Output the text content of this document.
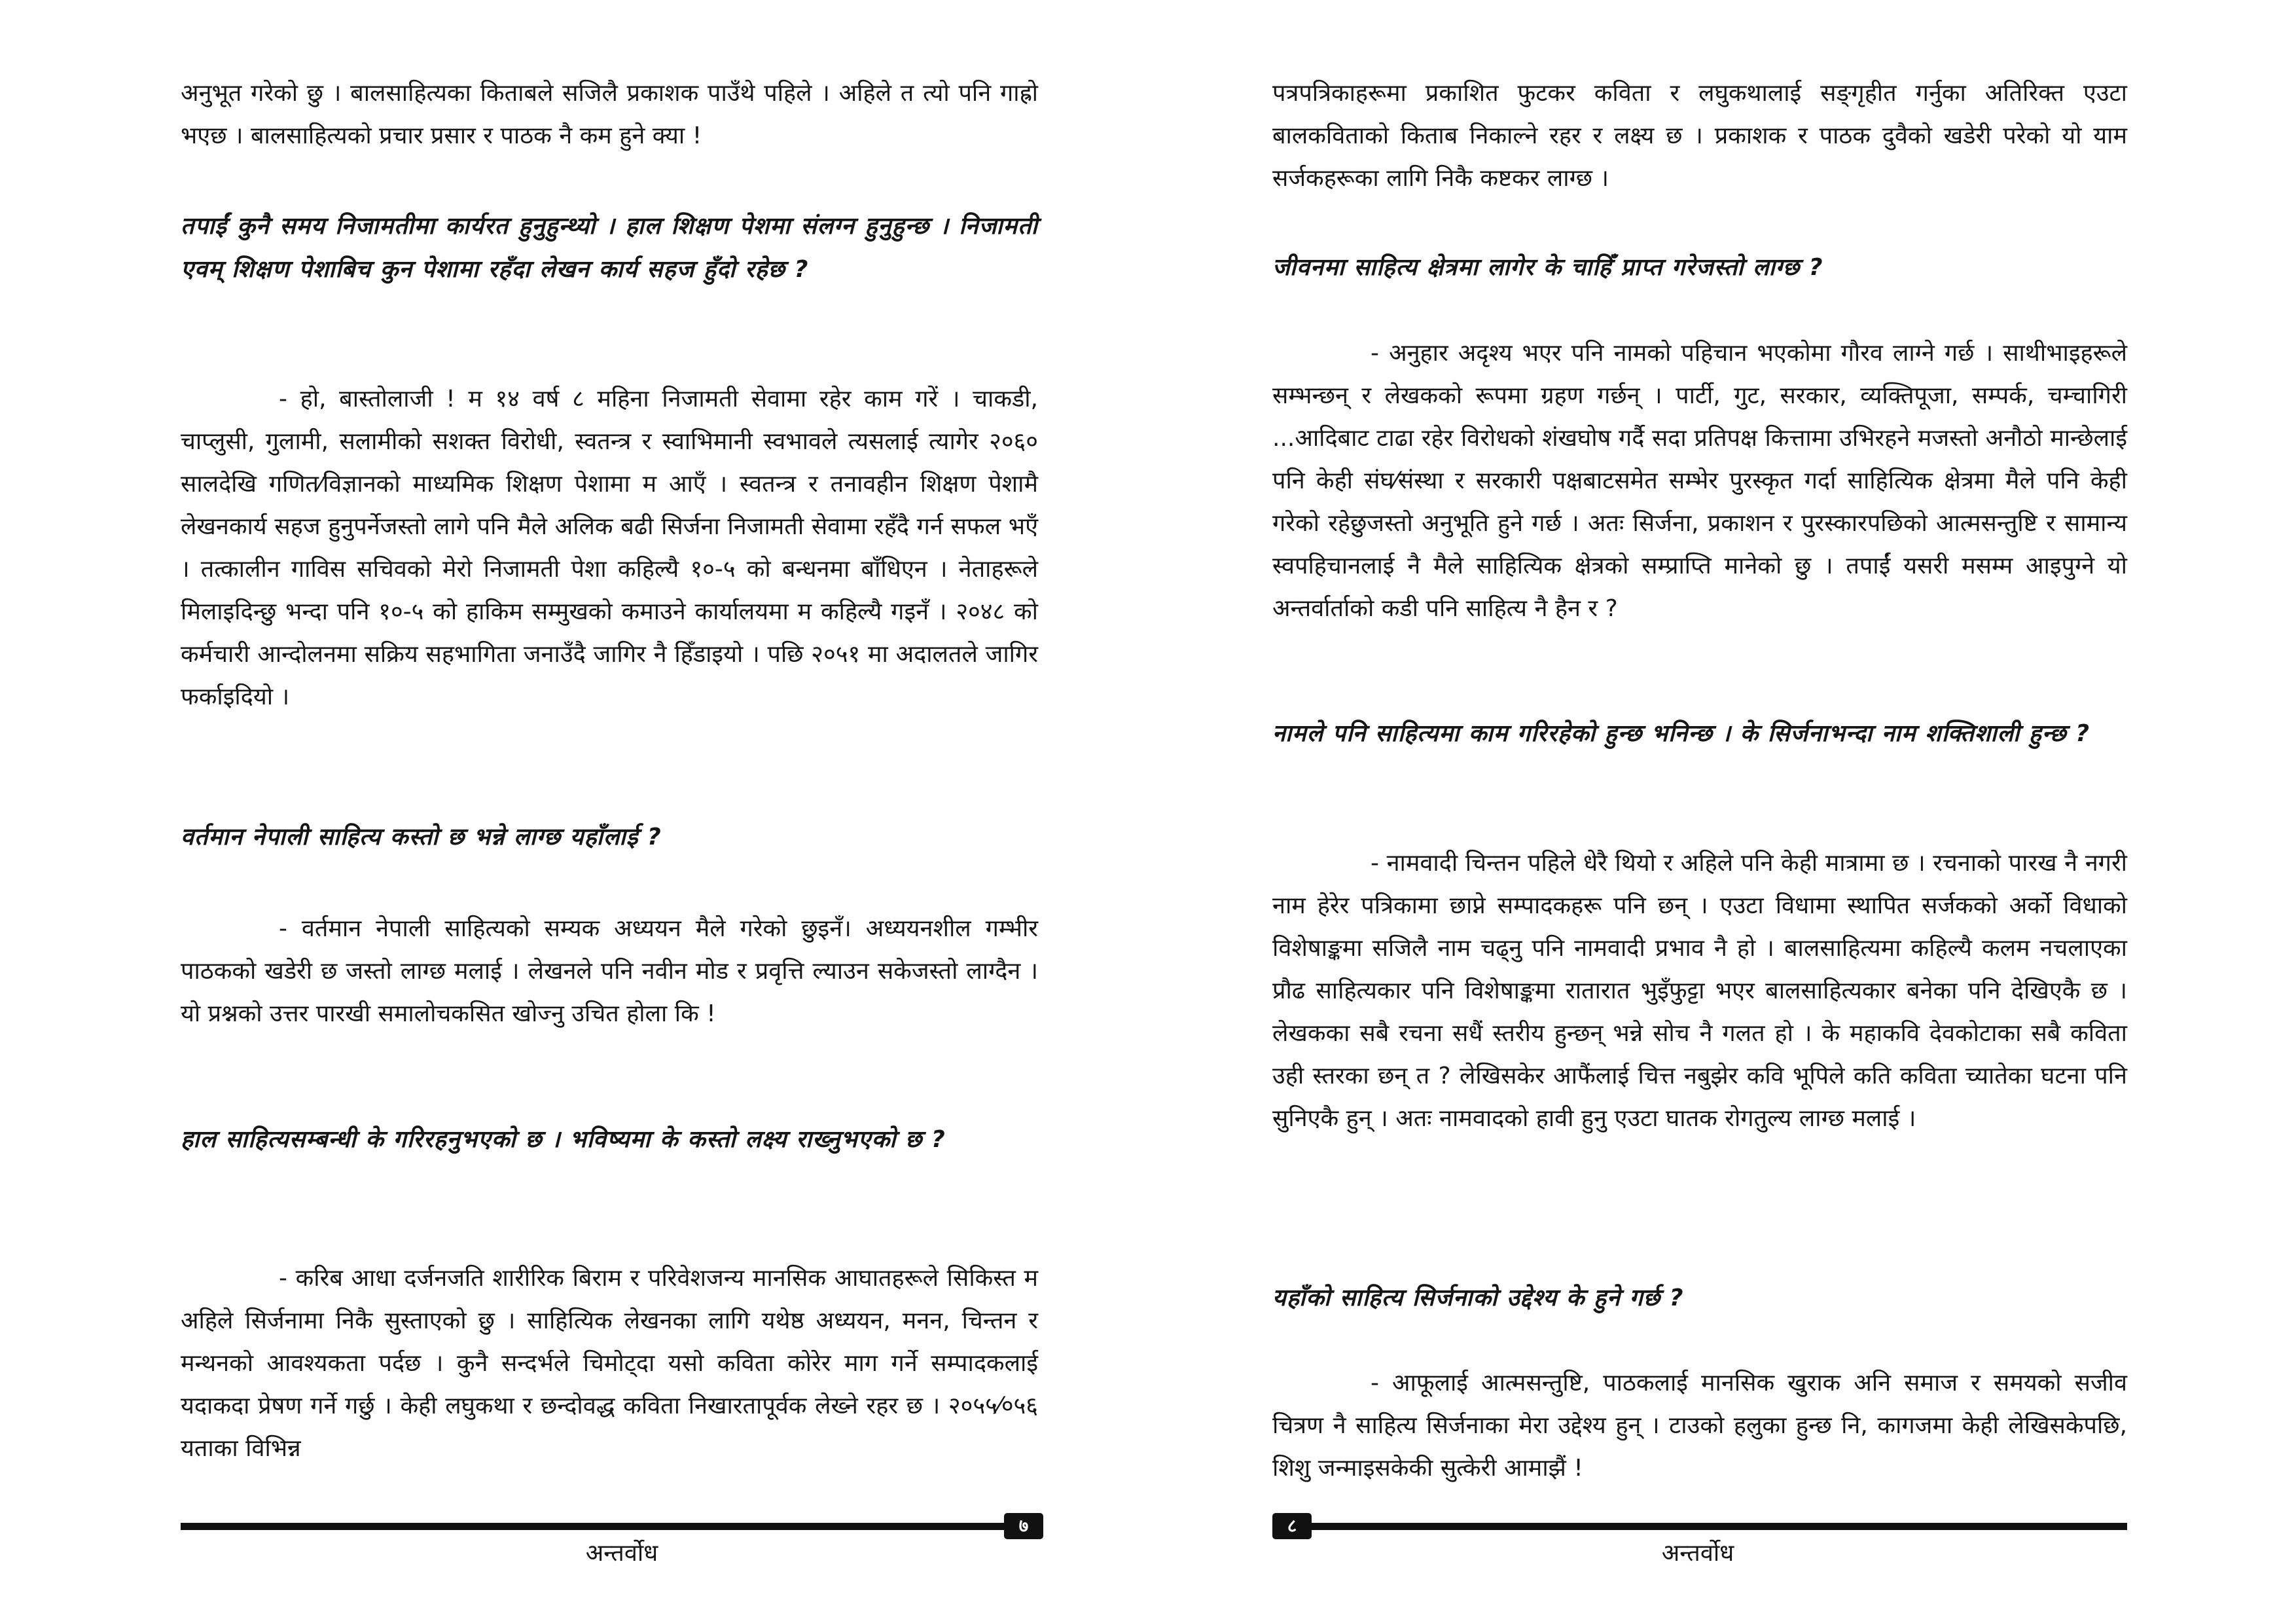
अनुभूत गरेको छु । बालसाहित्यका किताबले सजिलै प्रकाशक पाउँथे पहिले । अहिले त त्यो पनि गाह्रो भएछ । बालसाहित्यको प्रचार प्रसार र पाठक नै कम हुने क्या !

तपाईं कुनै समय निजामतीमा कार्यरत हुनुहुन्थ्यो । हाल शिक्षण पेशमा संलग्न हुनुहुन्छ । निजामती एवम् शिक्षण पेशाबिच कुन पेशामा रहँदा लेखन कार्य सहज हुँदो रहेछ ?

- हो, बास्तोलाजी ! म १४ वर्ष ८ महिना निजामती सेवामा रहेर काम गरें । चाकडी, चाप्लुसी, गुलामी, सलामीको सशक्त विरोधी, स्वतन्त्र र स्वाभिमानी स्वभावले त्यसलाई त्यागेर २०६० सालदेखि गणित⁄विज्ञानको माध्यमिक शिक्षण पेशामा म आएँ । स्वतन्त्र र तनावहीन शिक्षण पेशामै लेखनकार्य सहज हुनुपर्नेजस्तो लागे पनि मैले अलिक बढी सिर्जना निजामती सेवामा रहँदै गर्न सफल भएँ । तत्कालीन गाविस सचिवको मेरो निजामती पेशा कहिल्यै १०-५ को बन्धनमा बाँधिएन । नेताहरूले मिलाइदिन्छु भन्दा पनि १०-५ को हाकिम सम्मुखको कमाउने कार्यालयमा म कहिल्यै गइनँ । २०४८ को कर्मचारी आन्दोलनमा सक्रिय सहभागिता जनाउँदै जागिर नै हिँडाइयो । पछि २०५१ मा अदालतले जागिर फर्काइदियो ।

वर्तमान नेपाली साहित्य कस्तो छ भन्ने लाग्छ यहाँलाई ?

- वर्तमान नेपाली साहित्यको सम्यक अध्ययन मैले गरेको छुइनँ। अध्ययनशील गम्भीर पाठकको खडेरी छ जस्तो लाग्छ मलाई । लेखनले पनि नवीन मोड र प्रवृत्ति ल्याउन सकेजस्तो लाग्दैन । यो प्रश्नको उत्तर पारखी समालोचकसित खोज्नु उचित होला कि !

हाल साहित्यसम्बन्धी के गरिरहनुभएको छ । भविष्यमा के कस्तो लक्ष्य राख्नुभएको छ ?

- करिब आधा दर्जनजति शारीरिक बिराम र परिवेशजन्य मानसिक आघातहरूले सिकिस्त म अहिले सिर्जनामा निकै सुस्ताएको छु । साहित्यिक लेखनका लागि यथेष्ठ अध्ययन, मनन, चिन्तन र मन्थनको आवश्यकता पर्दछ । कुनै सन्दर्भले चिमोट्दा यसो कविता कोरेर माग गर्ने सम्पादकलाई यदाकदा प्रेषण गर्ने गर्छु । केही लघुकथा र छन्दोवद्ध कविता निखारतापूर्वक लेख्ने रहर छ । २०५५⁄०५६ यताका विभिन्न

७
अन्तर्वोध

पत्रपत्रिकाहरूमा प्रकाशित फुटकर कविता र लघुकथालाई सङ्गृहीत गर्नुका अतिरिक्त एउटा बालकविताको किताब निकाल्ने रहर र लक्ष्य छ । प्रकाशक र पाठक दुवैको खडेरी परेको यो याम सर्जकहरूका लागि निकै कष्टकर लाग्छ ।

जीवनमा साहित्य क्षेत्रमा लागेर के चाहिँ प्राप्त गरेजस्तो लाग्छ ?

- अनुहार अदृश्य भएर पनि नामको पहिचान भएकोमा गौरव लाग्ने गर्छ । साथीभाइहरूले सम्भन्छन् र लेखकको रूपमा ग्रहण गर्छन् । पार्टी, गुट, सरकार, व्यक्तिपूजा, सम्पर्क, चम्चागिरी ...आदिबाट टाढा रहेर विरोधको शंखघोष गर्दै सदा प्रतिपक्ष कित्तामा उभिरहने मजस्तो अनौठो मान्छेलाई पनि केही संघ⁄संस्था र सरकारी पक्षबाटसमेत सम्भेर पुरस्कृत गर्दा साहित्यिक क्षेत्रमा मैले पनि केही गरेको रहेछुजस्तो अनुभूति हुने गर्छ । अतः सिर्जना, प्रकाशन र पुरस्कारपछिको आत्मसन्तुष्टि र सामान्य स्वपहिचानलाई नै मैले साहित्यिक क्षेत्रको सम्प्राप्ति मानेको छु । तपाईं यसरी मसम्म आइपुग्ने यो अन्तर्वार्ताको कडी पनि साहित्य नै हैन र ?

नामले पनि साहित्यमा काम गरिरहेको हुन्छ भनिन्छ । के सिर्जनाभन्दा नाम शक्तिशाली हुन्छ ?

- नामवादी चिन्तन पहिले धेरै थियो र अहिले पनि केही मात्रामा छ । रचनाको पारख नै नगरी नाम हेरेर पत्रिकामा छाप्ने सम्पादकहरू पनि छन् । एउटा विधामा स्थापित सर्जकको अर्को विधाको विशेषाङ्कमा सजिलै नाम चढ्नु पनि नामवादी प्रभाव नै हो । बालसाहित्यमा कहिल्यै कलम नचलाएका प्रौढ साहित्यकार पनि विशेषाङ्कमा रातारात भुइँफुट्टा भएर बालसाहित्यकार बनेका पनि देखिएकै छ । लेखकका सबै रचना सधैं स्तरीय हुन्छन् भन्ने सोच नै गलत हो । के महाकवि देवकोटाका सबै कविता उही स्तरका छन् त ? लेखिसकेर आफैंलाई चित्त नबुझेर कवि भूपिले कति कविता च्यातेका घटना पनि सुनिएकै हुन् । अतः नामवादको हावी हुनु एउटा घातक रोगतुल्य लाग्छ मलाई ।

यहाँको साहित्य सिर्जनाको उद्देश्य के हुने गर्छ ?

- आफूलाई आत्मसन्तुष्टि, पाठकलाई मानसिक खुराक अनि समाज र समयको सजीव चित्रण नै साहित्य सिर्जनाका मेरा उद्देश्य हुन् । टाउको हलुका हुन्छ नि, कागजमा केही लेखिसकेपछि, शिशु जन्माइसकेकी सुत्केरी आमाझैं !

८
अन्तर्वोध
